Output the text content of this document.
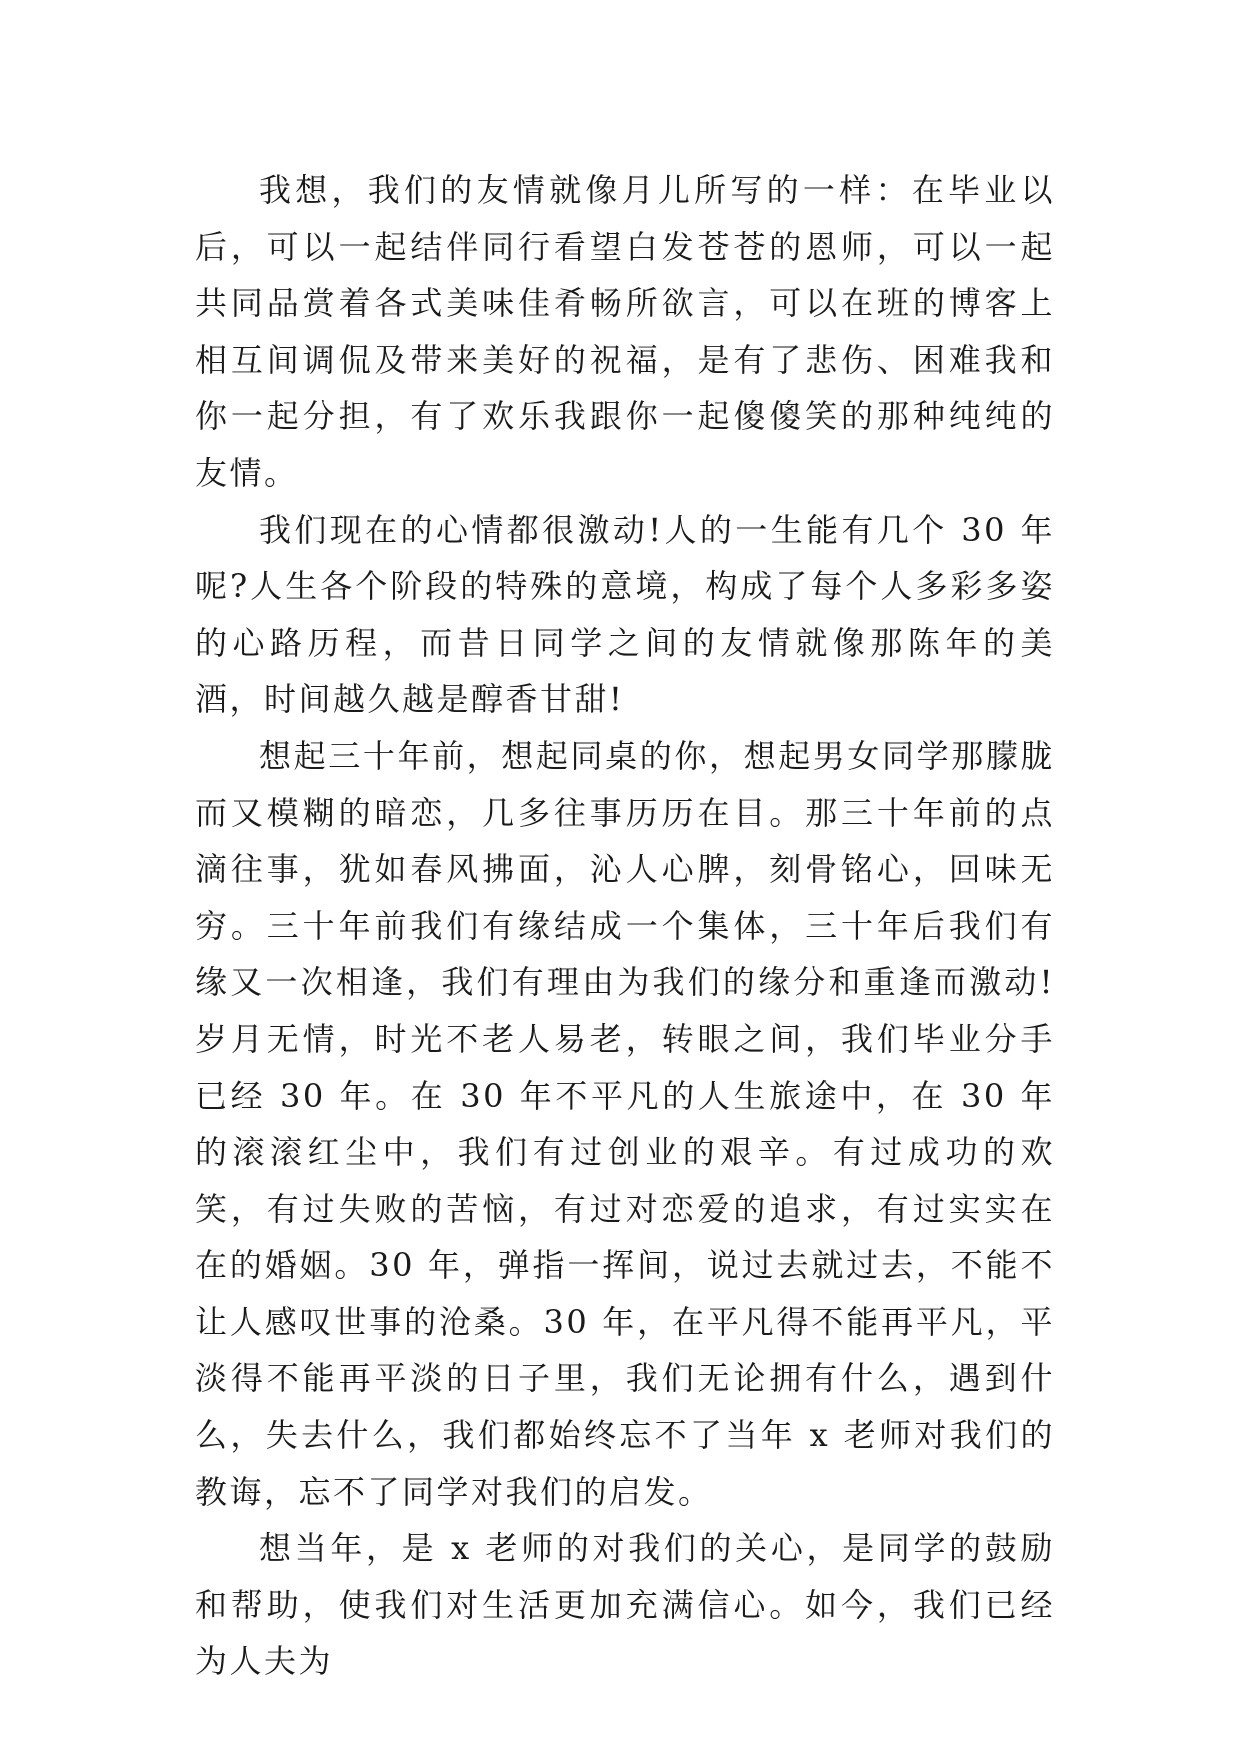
我想，我们的友情就像月儿所写的一样：在毕业以后，可以一起结伴同行看望白发苍苍的恩师，可以一起共同品赏着各式美味佳肴畅所欲言，可以在班的博客上相互间调侃及带来美好的祝福，是有了悲伤、困难我和你一起分担，有了欢乐我跟你一起傻傻笑的那种纯纯的友情。

我们现在的心情都很激动!人的一生能有几个 30 年呢?人生各个阶段的特殊的意境，构成了每个人多彩多姿的心路历程，而昔日同学之间的友情就像那陈年的美酒，时间越久越是醇香甘甜!

想起三十年前，想起同桌的你，想起男女同学那朦胧而又模糊的暗恋，几多往事历历在目。那三十年前的点滴往事，犹如春风拂面，沁人心脾，刻骨铭心，回味无穷。三十年前我们有缘结成一个集体，三十年后我们有缘又一次相逢，我们有理由为我们的缘分和重逢而激动!岁月无情，时光不老人易老，转眼之间，我们毕业分手已经 30 年。在 30 年不平凡的人生旅途中，在 30 年的滚滚红尘中，我们有过创业的艰辛。有过成功的欢笑，有过失败的苦恼，有过对恋爱的追求，有过实实在在的婚姻。30 年，弹指一挥间，说过去就过去，不能不让人感叹世事的沧桑。30 年，在平凡得不能再平凡，平淡得不能再平淡的日子里，我们无论拥有什么，遇到什么，失去什么，我们都始终忘不了当年 x 老师对我们的教诲，忘不了同学对我们的启发。

想当年，是 x 老师的对我们的关心，是同学的鼓励和帮助，使我们对生活更加充满信心。如今，我们已经为人夫为
